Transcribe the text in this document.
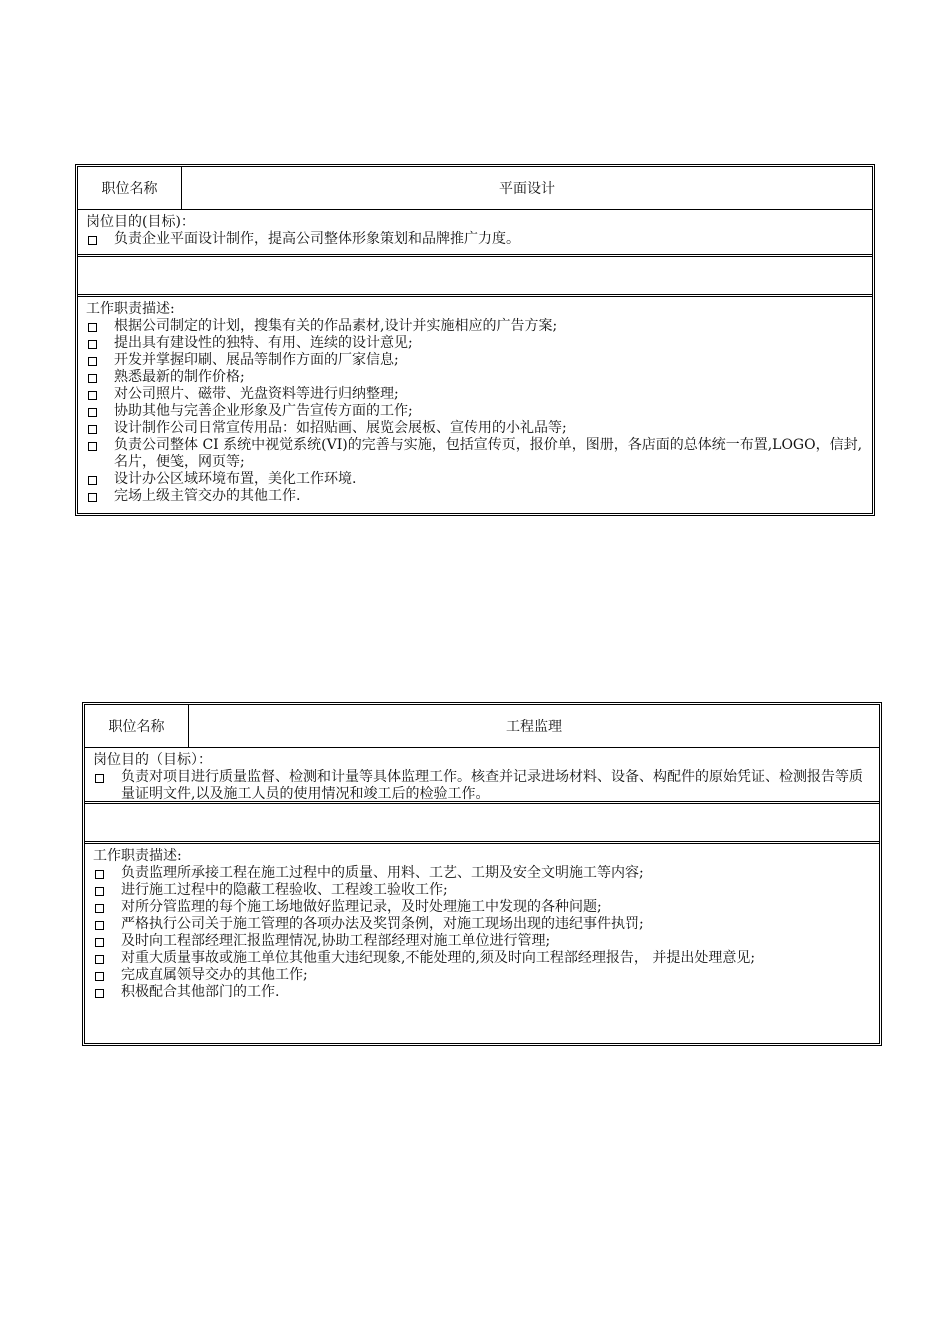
职位名称	平面设计
岗位目的(目标)：
负责企业平面设计制作，提高公司整体形象策划和品牌推广力度。
工作职责描述:
根据公司制定的计划，搜集有关的作品素材,设计并实施相应的广告方案;
提出具有建设性的独特、有用、连续的设计意见;
开发并掌握印刷、展品等制作方面的厂家信息;
熟悉最新的制作价格;
对公司照片、磁带、光盘资料等进行归纳整理;
协助其他与完善企业形象及广告宣传方面的工作;
设计制作公司日常宣传用品：如招贴画、展览会展板、宣传用的小礼品等;
负责公司整体 CI 系统中视觉系统(VI)的完善与实施，包括宣传页，报价单，图册，各店面的总体统一布置,LOGO，信封,名片，便笺，网页等;
设计办公区域环境布置，美化工作环境.
完场上级主管交办的其他工作.
职位名称	工程监理
岗位目的（目标）：
负责对项目进行质量监督、检测和计量等具体监理工作。核查并记录进场材料、设备、构配件的原始凭证、检测报告等质量证明文件,以及施工人员的使用情况和竣工后的检验工作。
工作职责描述:
负责监理所承接工程在施工过程中的质量、用料、工艺、工期及安全文明施工等内容;
进行施工过程中的隐蔽工程验收、工程竣工验收工作;
对所分管监理的每个施工场地做好监理记录，及时处理施工中发现的各种问题;
严格执行公司关于施工管理的各项办法及奖罚条例，对施工现场出现的违纪事件执罚;
及时向工程部经理汇报监理情况,协助工程部经理对施工单位进行管理;
对重大质量事故或施工单位其他重大违纪现象,不能处理的,须及时向工程部经理报告， 并提出处理意见;
完成直属领导交办的其他工作;
积极配合其他部门的工作.
